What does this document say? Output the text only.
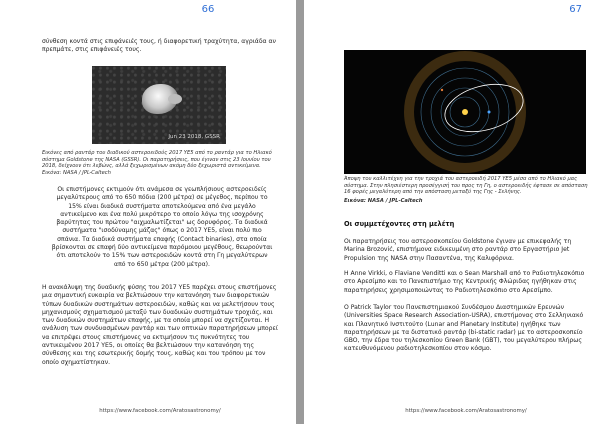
66
σύνθεση κοντά στις επιφάνειές τους, ή διαφορετική τραχύτητα, αγριάδα αν πρεπμάτε, στις επιφάνειές τους.
Jun 23 2018, GSSR
Εικόνες από ραντάρ του διαδικού αστεροειδούς 2017 YE5 από το ραντάρ για το Ηλιακό σύστημα Goldstone της NASA (GSSR). Οι παρατηρήσεις, που έγιναν στις 23 Ιουνίου του 2018, δείχνουν ότι λεβώνς, αλλά ξεχωρισμένων ακόμη δύο ξεχωριστά αντικείμενα. Εικόνα: NASA / JPL-Caltech
Οι επιστήμονες εκτιμούν ότι ανάμεσα σε γεωπλήσιους αστεροειδείς μεγαλύτερους από το 650 πόδια (200 μέτρα) σε μέγεθος, περίπου το 15% είναι διαδικά συστήματα αποτελούμενα από ένα μεγάλο αντικείμενο και ένα πολύ μικρότερο το οποίο λόγω της ισοχρόνης βαρύτητας του πρώτου "αιχμαλωτίζεται" ως δορυφόρος. Τα διαδικά συστήματα "ισοδύναμης μάζας" όπως ο 2017 YE5, είναι πολύ πιο σπάνια. Τα διαδικά συστήματα επαφής (Contact binaries), στα οποία βρίσκονται σε επαφή δύο αντικείμενα παρόμοιου μεγέθους, θεωρούνται ότι αποτελούν το 15% των αστεροειδών κοντά στη Γη μεγαλύτερων από το 650 μέτρα (200 μέτρα).
Η ανακάλυψη της δυαδικής φύσης του 2017 YE5 παρέχει στους επιστήμονες μια σημαντική ευκαιρία να βελτιώσουν την κατανόηση των διαφορετικών τύπων δυαδικών συστημάτων αστεροειδών, καθώς και να μελετήσουν τους μηχανισμούς σχηματισμού μεταξύ των δυαδικών συστημάτων τροχιάς, και των δυαδικών συστημάτων επαφής, με τα οποία μπορεί να σχετίζονται. Η ανάλυση των συνδυασμένων ραντάρ και των οπτικών παρατηρήσεων μπορεί να επιτρέψει στους επιστήμονες να εκτιμήσουν τις πυκνότητες του αντικειμένου 2017 YE5, οι οποίες θα βελτιώσουν την κατανόηση της σύνθεσης και της εσωτερικής δομής τους, καθώς και του τρόπου με τον οποίο σχηματίστηκαν.
https://www.facebook.com/Aratosastronomy/
67
Άποψη του καλλιτέχνη για την τροχιά του αστεροειδή 2017 YE5 μέσα από το Ηλιακό μας σύστημα. Στην πλησιέστερη προσέγγισή του προς τη Γη, ο αστεροειδής έφτασε σε απόσταση 16 φορές μεγαλύτερη από την απόσταση μεταξύ της Γης - Σελήνης.
Εικόνα: NASA / JPL-Caltech
Οι συμμετέχοντες στη μελέτη
Οι παρατηρήσεις του αστεροσκοπείου Goldstone έγιναν με επικεφαλής τη Marina Brozović, επιστήμονα ειδικευμένη στο ραντάρ στο Εργαστήριο Jet Propulsion της NASA στην Πασαντένα, της Καλιφόρνια.
Η Anne Virkki, ο Flaviane Venditti και ο Sean Marshall από το Ραδιοτηλεσκόπιο στο Αρεσίμπο και το Πανεπιστήμιο της Κεντρικής Φλώριδας ηγήθηκαν στις παρατηρήσεις χρησιμοποιώντας το Ραδιοτηλεσκόπιο στο Αρεσίμπο.
Ο Patrick Taylor του Πανεπιστημιακού Συνδέσμου Διαστημικών Ερευνών (Universities Space Research Association-USRA), επιστήμονας στο Σελληνιακό και Πλανητικό Ινστιτούτο (Lunar and Planetary Institute) ηγήθηκε των παρατηρήσεων με τα διστατικό ραντάρ (bi-static radar) με το αστεροσκοπείο GBO, την έδρα του τηλεσκοπίου Green Bank (GBT), του μεγαλύτερου πλήρως κατευθυνόμενου ραδιοτηλεσκοπίου στον κόσμο.
https://www.facebook.com/Aratosastronomy/
